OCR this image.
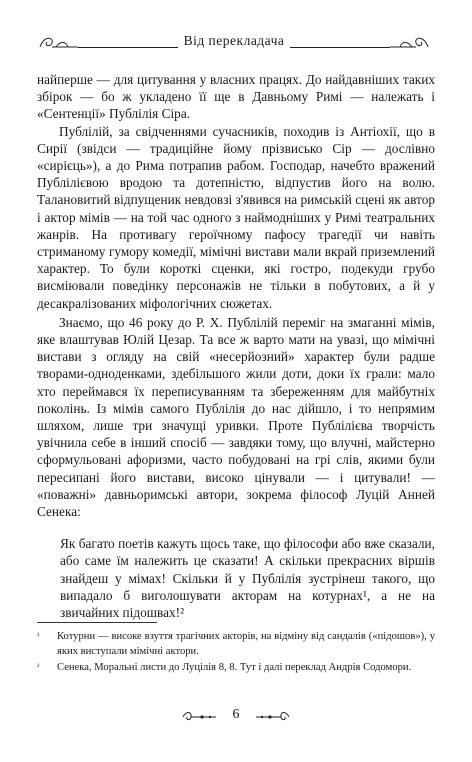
Від перекладача

найперше — для цитування у власних працях. До найдавніших таких збірок — бо ж укладено її ще в Давньому Римі — належать і «Сентенції» Публілія Сіра.

Публілій, за свідченнями сучасників, походив із Антіохії, що в Сирії (звідси — традиційне йому прізвисько Сір — дослівно «сирієць»), а до Рима потрапив рабом. Господар, начебто вражений Публілієвою вродою та дотепністю, відпустив його на волю. Талановитий відпущеник невдовзі з'явився на римській сцені як автор і актор мімів — на той час одного з наймодніших у Римі театральних жанрів. На противагу героїчному пафосу трагедії чи навіть стриманому гумору комедії, мімічні вистави мали вкрай приземлений характер. То були короткі сценки, які гостро, подекуди грубо висміювали поведінку персонажів не тільки в побутових, а й у десакралізованих міфологічних сюжетах.

Знаємо, що 46 року до Р. Х. Публілій переміг на змаганні мімів, яке влаштував Юлій Цезар. Та все ж варто мати на увазі, що мімічні вистави з огляду на свій «несерйозний» характер були радше творами-одноденками, здебільшого жили доти, доки їх грали: мало хто переймався їх переписуванням та збереженням для майбутніх поколінь. Із мімів самого Публілія до нас дійшло, і то непрямим шляхом, лише три значущі уривки. Проте Публілієва творчість увічнила себе в інший спосіб — завдяки тому, що влучні, майстерно сформульовані афоризми, часто побудовані на грі слів, якими були пересипані його вистави, високо цінували — і цитували! — «поважні» давньоримські автори, зокрема філософ Луцій Анней Сенека:

Як багато поетів кажуть щось таке, що філософи або вже сказали, або саме їм належить це сказати! А скільки прекрасних віршів знайдеш у мімах! Скільки й у Публілія зустрінеш такого, що випадало б виголошувати акторам на котурнах¹, а не на звичайних підошвах!²

¹ Котурни — високе взуття трагічних акторів, на відміну від сандалів («підошов»), у яких виступали мімічні актори.
² Сенека, Моральні листи до Луцілія 8, 8. Тут і далі переклад Андрія Содомори.
6
